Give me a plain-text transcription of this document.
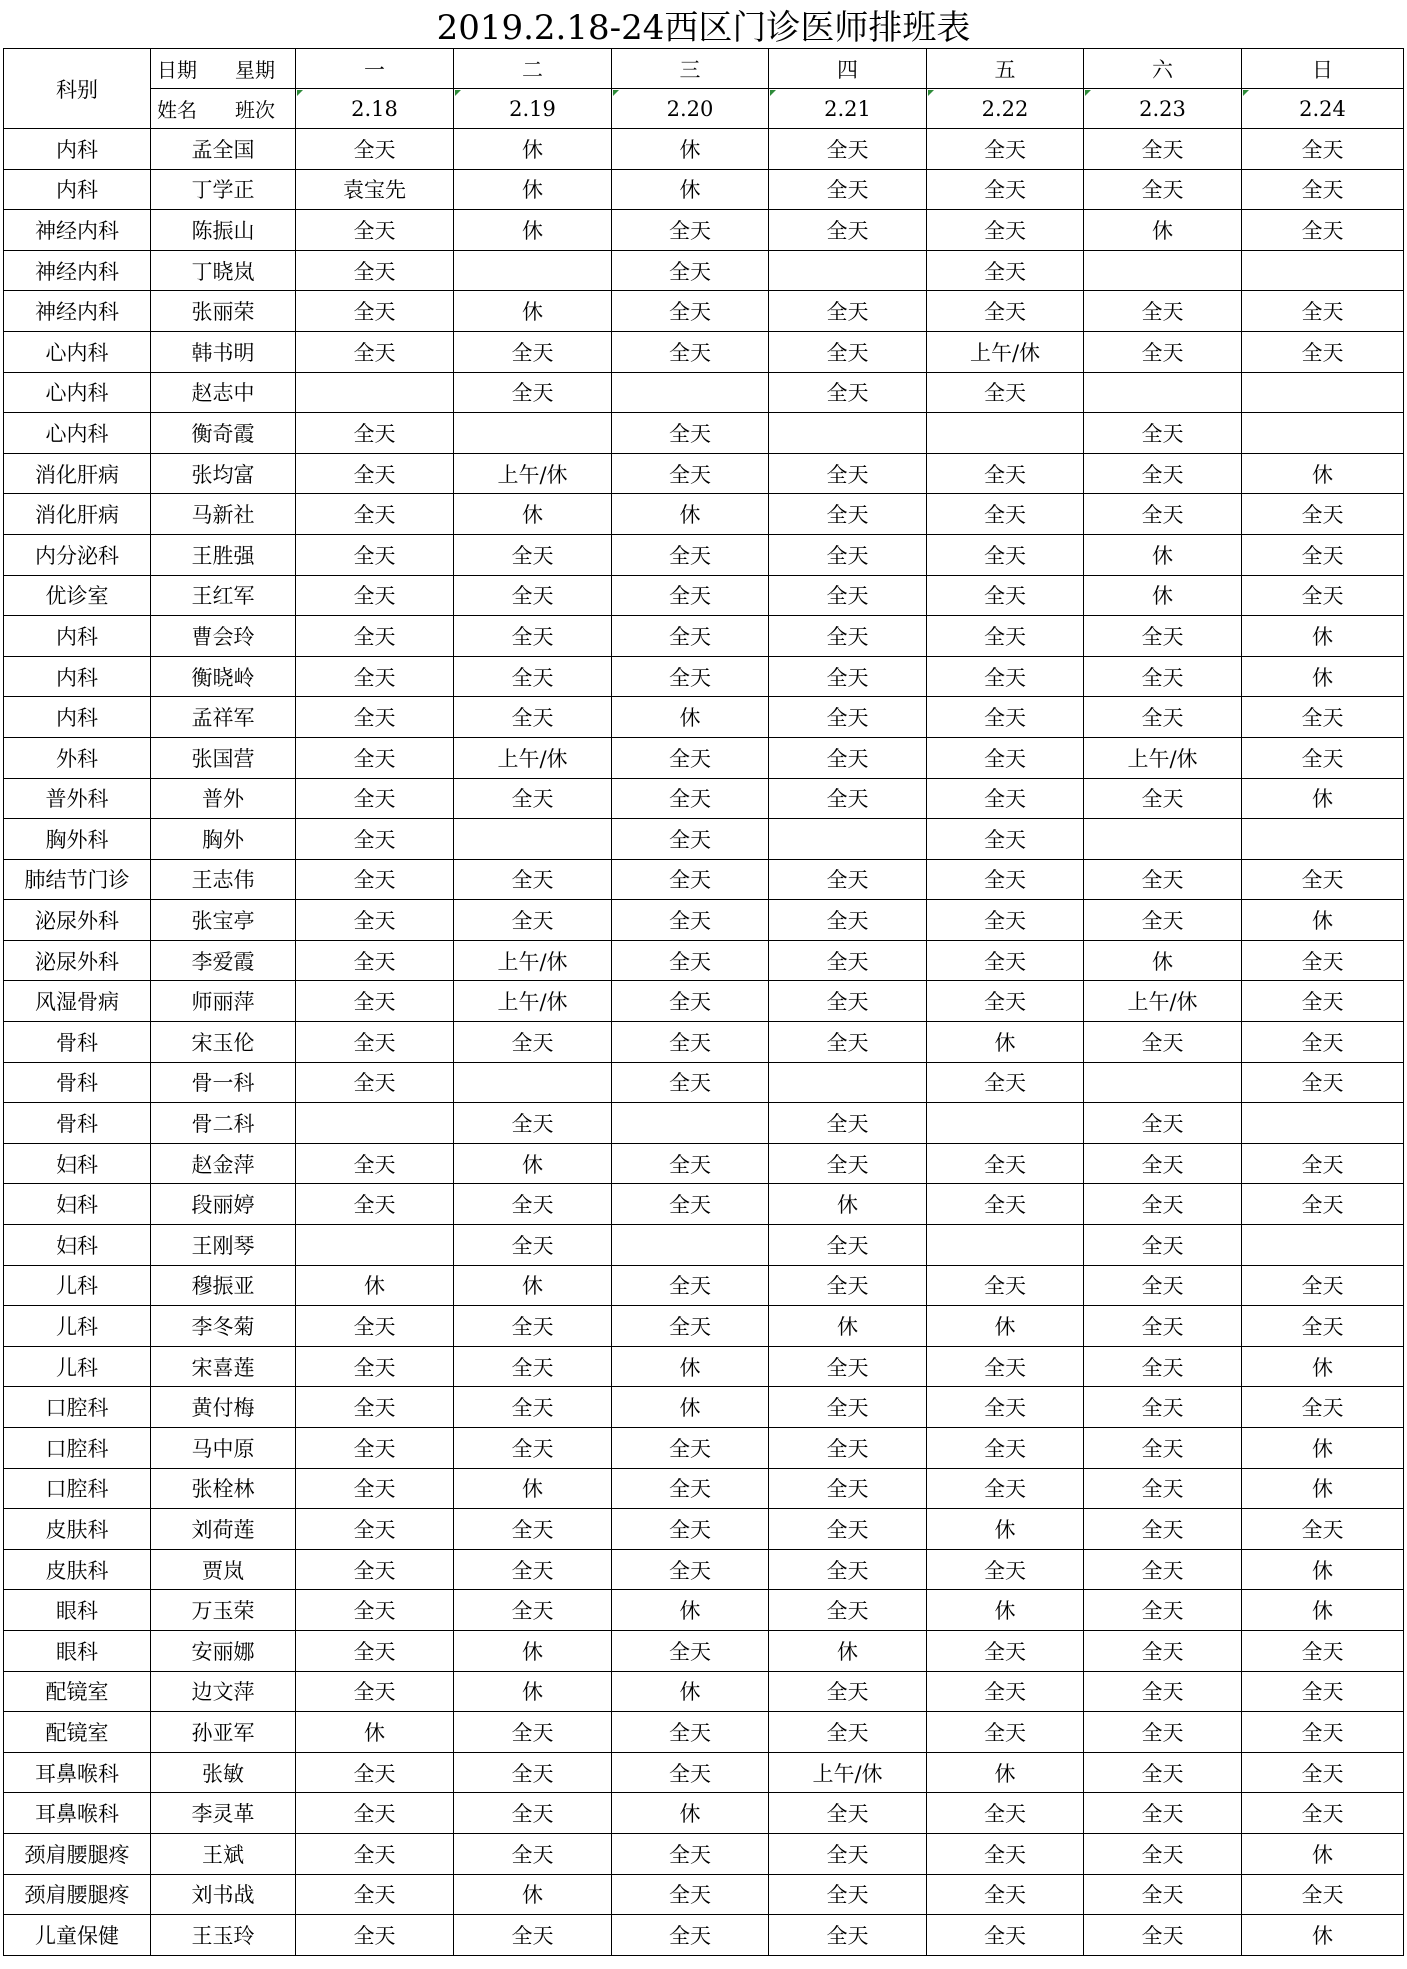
2019.2.18-24西区门诊医师排班表
科别	日期 星期	一	二	三	四	五	六	日
	姓名 班次	2.18	2.19	2.20	2.21	2.22	2.23	2.24
内科	孟全国	全天	休	休	全天	全天	全天	全天
内科	丁学正	袁宝先	休	休	全天	全天	全天	全天
神经内科	陈振山	全天	休	全天	全天	全天	休	全天
神经内科	丁晓岚	全天		全天		全天		
神经内科	张丽荣	全天	休	全天	全天	全天	全天	全天
心内科	韩书明	全天	全天	全天	全天	上午/休	全天	全天
心内科	赵志中		全天		全天	全天		
心内科	衡奇霞	全天		全天			全天	
消化肝病	张均富	全天	上午/休	全天	全天	全天	全天	休
消化肝病	马新社	全天	休	休	全天	全天	全天	全天
内分泌科	王胜强	全天	全天	全天	全天	全天	休	全天
优诊室	王红军	全天	全天	全天	全天	全天	休	全天
内科	曹会玲	全天	全天	全天	全天	全天	全天	休
内科	衡晓岭	全天	全天	全天	全天	全天	全天	休
内科	孟祥军	全天	全天	休	全天	全天	全天	全天
外科	张国营	全天	上午/休	全天	全天	全天	上午/休	全天
普外科	普外	全天	全天	全天	全天	全天	全天	休
胸外科	胸外	全天		全天		全天		
肺结节门诊	王志伟	全天	全天	全天	全天	全天	全天	全天
泌尿外科	张宝亭	全天	全天	全天	全天	全天	全天	休
泌尿外科	李爱霞	全天	上午/休	全天	全天	全天	休	全天
风湿骨病	师丽萍	全天	上午/休	全天	全天	全天	上午/休	全天
骨科	宋玉伦	全天	全天	全天	全天	休	全天	全天
骨科	骨一科	全天		全天		全天		全天
骨科	骨二科		全天		全天		全天	
妇科	赵金萍	全天	休	全天	全天	全天	全天	全天
妇科	段丽婷	全天	全天	全天	休	全天	全天	全天
妇科	王刚琴		全天		全天		全天	
儿科	穆振亚	休	休	全天	全天	全天	全天	全天
儿科	李冬菊	全天	全天	全天	休	休	全天	全天
儿科	宋喜莲	全天	全天	休	全天	全天	全天	休
口腔科	黄付梅	全天	全天	休	全天	全天	全天	全天
口腔科	马中原	全天	全天	全天	全天	全天	全天	休
口腔科	张栓林	全天	休	全天	全天	全天	全天	休
皮肤科	刘荷莲	全天	全天	全天	全天	休	全天	全天
皮肤科	贾岚	全天	全天	全天	全天	全天	全天	休
眼科	万玉荣	全天	全天	休	全天	休	全天	休
眼科	安丽娜	全天	休	全天	休	全天	全天	全天
配镜室	边文萍	全天	休	休	全天	全天	全天	全天
配镜室	孙亚军	休	全天	全天	全天	全天	全天	全天
耳鼻喉科	张敏	全天	全天	全天	上午/休	休	全天	全天
耳鼻喉科	李灵革	全天	全天	休	全天	全天	全天	全天
颈肩腰腿疼	王斌	全天	全天	全天	全天	全天	全天	休
颈肩腰腿疼	刘书战	全天	休	全天	全天	全天	全天	全天
儿童保健	王玉玲	全天	全天	全天	全天	全天	全天	休
